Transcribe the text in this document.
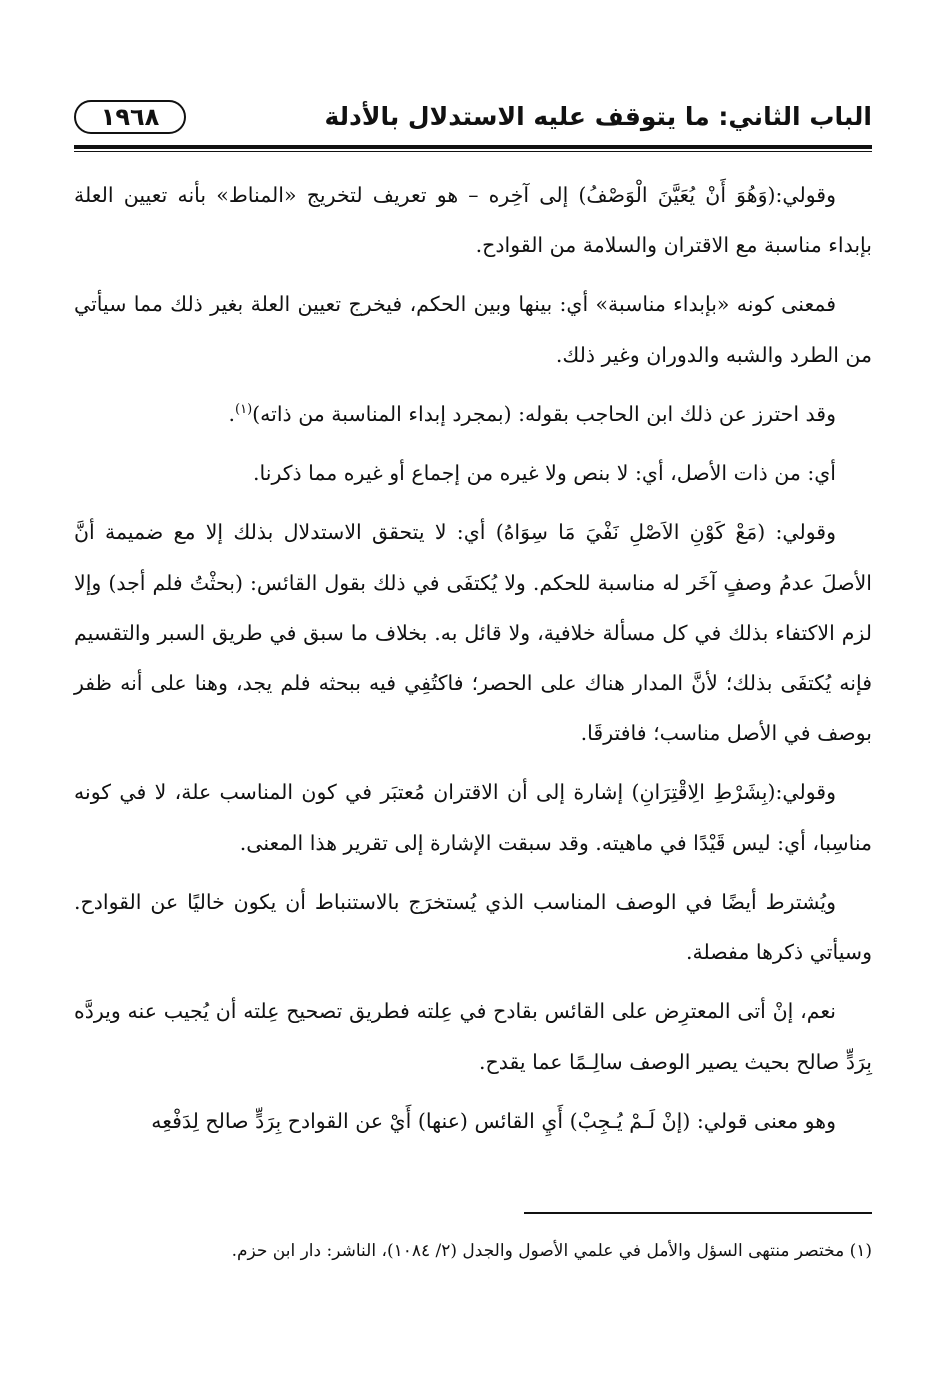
الباب الثاني: ما يتوقف عليه الاستدلال بالأدلة
١٩٦٨

وقولي:(وَهُوَ أَنْ يُعَيَّنَ الْوَصْفُ) إلى آخِره – هو تعريف لتخريج «المناط» بأنه تعيين العلة بإبداء مناسبة مع الاقتران والسلامة من القوادح.

فمعنى كونه «بإبداء مناسبة» أي: بينها وبين الحكم، فيخرج تعيين العلة بغير ذلك مما سيأتي من الطرد والشبه والدوران وغير ذلك.

وقد احترز عن ذلك ابن الحاجب بقوله: (بمجرد إبداء المناسبة من ذاته)$^{(١)}$.

أي: من ذات الأصل، أي: لا بنص ولا غيره من إجماع أو غيره مما ذكرنا.

وقولي: (مَعْ كَوْنِ الاَصْلِ نَفْيَ مَا سِوَاهُ) أي: لا يتحقق الاستدلال بذلك إلا مع ضميمة أنَّ الأصلَ عدمُ وصفٍ آخَر له مناسبة للحكم. ولا يُكتفَى في ذلك بقول القائس: (بحثْتُ فلم أجد) وإلا لزم الاكتفاء بذلك في كل مسألة خلافية، ولا قائل به. بخلاف ما سبق في طريق السبر والتقسيم فإنه يُكتفَى بذلك؛ لأنَّ المدار هناك على الحصر؛ فاكتُفِي فيه ببحثه فلم يجد، وهنا على أنه ظفر بوصف في الأصل مناسب؛ فافترقَا.

وقولي:(بِشَرْطِ الِاقْتِرَانِ) إشارة إلى أن الاقتران مُعتبَر في كون المناسب علة، لا في كونه مناسِبا، أي: ليس قَيْدًا في ماهيته. وقد سبقت الإشارة إلى تقرير هذا المعنى.

ويُشترط أيضًا في الوصف المناسب الذي يُستخرَج بالاستنباط أن يكون خاليًا عن القوادح. وسيأتي ذكرها مفصلة.

نعم، إنْ أتى المعترِض على القائس بقادح في عِلته فطريق تصحيح عِلته أن يُجيب عنه ويردَّه بِرَدٍّ صالح بحيث يصير الوصف سالِـمًا عما يقدح.

وهو معنى قولي: (إنْ لَـمْ يُـجِبْ) أَيِ القائس (عنها) أَيْ عن القوادح بِرَدٍّ صالح لِدَفْعِه

(١) مختصر منتهى السؤل والأمل في علمي الأصول والجدل (٢/ ١٠٨٤)، الناشر: دار ابن حزم.
